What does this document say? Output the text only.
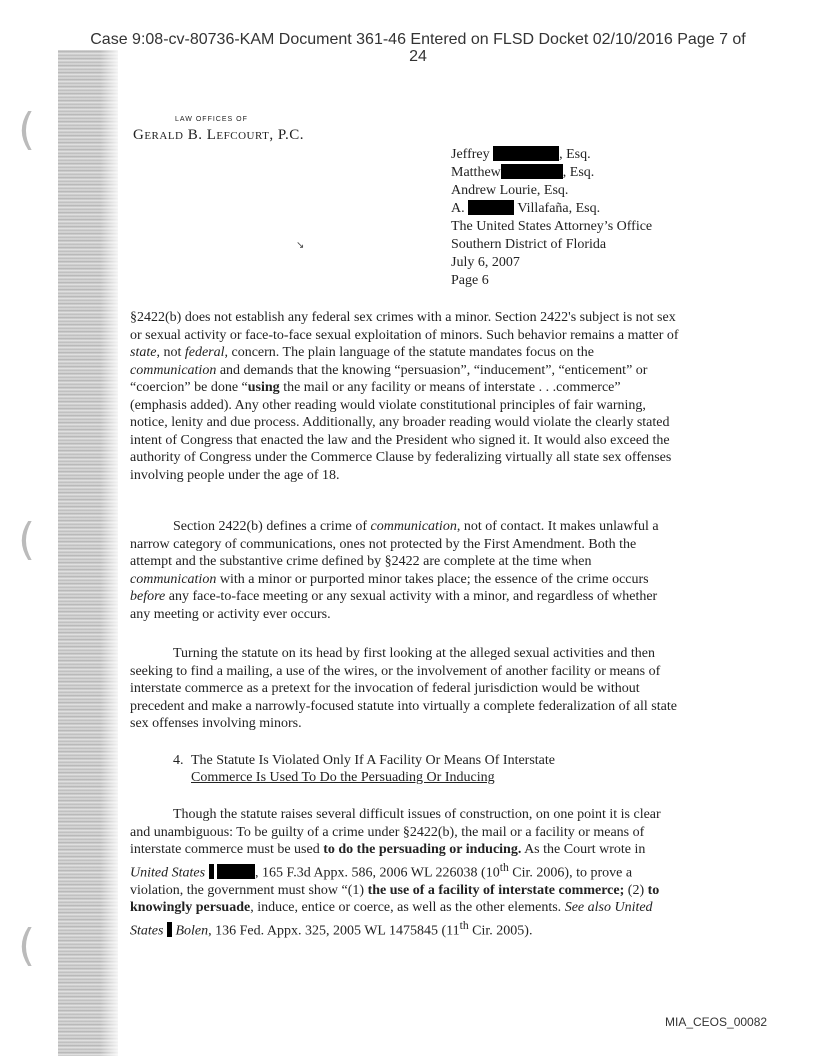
(
(
(
Case 9:08-cv-80736-KAM Document 361-46 Entered on FLSD Docket 02/10/2016 Page 7 of
24
LAW OFFICES OF
Gerald B. Lefcourt, P.C.
Jeffrey	, Esq.
Matthew	, Esq.
Andrew Lourie, Esq.
A.	Villafaña, Esq.
The United States Attorney’s Office
Southern District of Florida
July 6, 2007
Page 6
↘

§2422(b) does not establish any federal sex crimes with a minor. Section 2422's subject is not sex or sexual activity or face-to-face sexual exploitation of minors. Such behavior remains a matter of state, not federal, concern. The plain language of the statute mandates focus on the communication and demands that the knowing “persuasion”, “inducement”, “enticement” or “coercion” be done “using the mail or any facility or means of interstate . . .commerce” (emphasis added). Any other reading would violate constitutional principles of fair warning, notice, lenity and due process. Additionally, any broader reading would violate the clearly stated intent of Congress that enacted the law and the President who signed it. It would also exceed the authority of Congress under the Commerce Clause by federalizing virtually all state sex offenses involving people under the age of 18.

Section 2422(b) defines a crime of communication, not of contact. It makes unlawful a narrow category of communications, ones not protected by the First Amendment. Both the attempt and the substantive crime defined by §2422 are complete at the time when communication with a minor or purported minor takes place; the essence of the crime occurs before any face-to-face meeting or any sexual activity with a minor, and regardless of whether any meeting or activity ever occurs.

Turning the statute on its head by first looking at the alleged sexual activities and then seeking to find a mailing, a use of the wires, or the involvement of another facility or means of interstate commerce as a pretext for the invocation of federal jurisdiction would be without precedent and make a narrowly-focused statute into virtually a complete federalization of all state sex offenses involving minors.

4. The Statute Is Violated Only If A Facility Or Means Of Interstate
Commerce Is Used To Do the Persuading Or Inducing

Though the statute raises several difficult issues of construction, on one point it is clear and unambiguous: To be guilty of a crime under §2422(b), the mail or a facility or means of interstate commerce must be used to do the persuading or inducing. As the Court wrote in United States	, 165 F.3d Appx. 586, 2006 WL 226038 (10th Cir. 2006), to prove a violation, the government must show “(1) the use of a facility of interstate commerce; (2) to knowingly persuade, induce, entice or coerce, as well as the other elements. See also United States Bolen, 136 Fed. Appx. 325, 2005 WL 1475845 (11th Cir. 2005).

MIA_CEOS_00082
